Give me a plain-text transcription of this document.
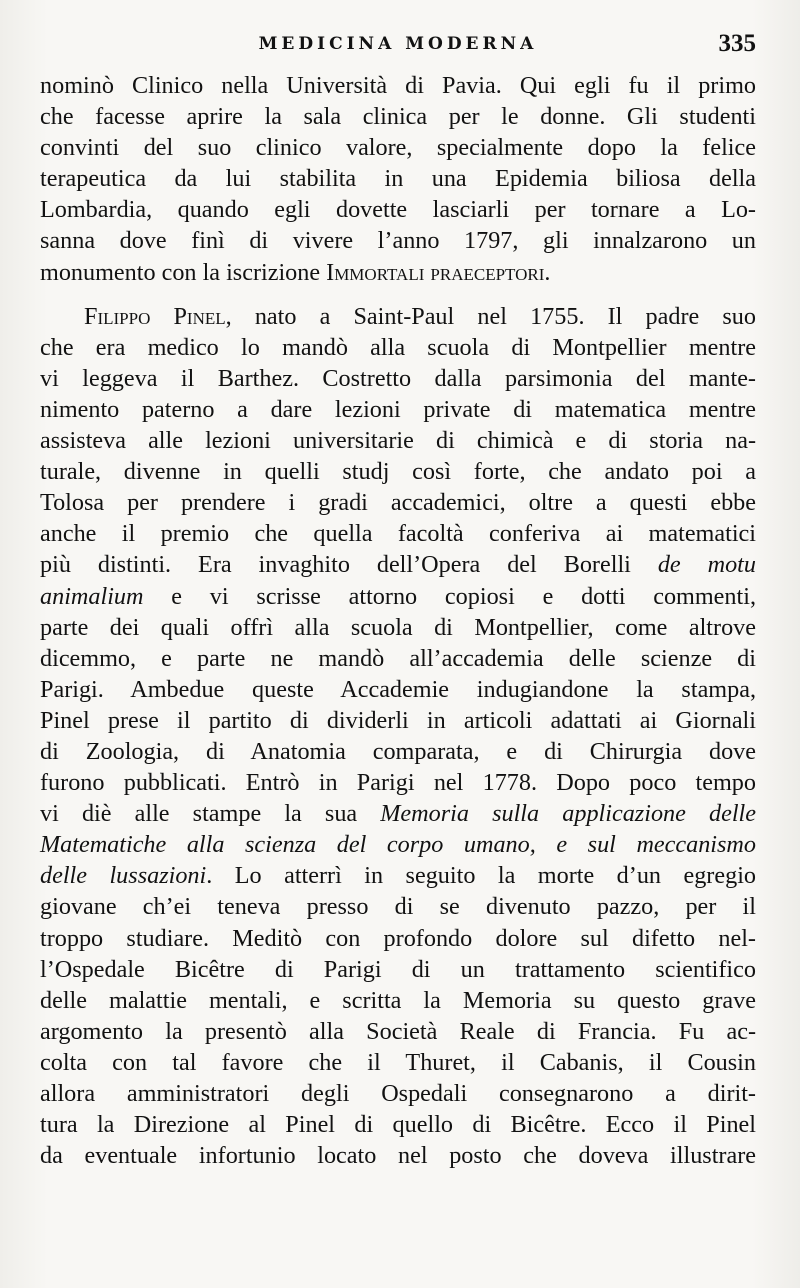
MEDICINA MODERNA	335
nominò Clinico nella Università di Pavia. Qui egli fu il primo
che facesse aprire la sala clinica per le donne. Gli studenti
convinti del suo clinico valore, specialmente dopo la felice
terapeutica da lui stabilita in una Epidemia biliosa della
Lombardia, quando egli dovette lasciarli per tornare a Lo-
sanna dove finì di vivere l’anno 1797, gli innalzarono un
monumento con la iscrizione Immortali praeceptori.
Filippo Pinel, nato a Saint-Paul nel 1755. Il padre suo
che era medico lo mandò alla scuola di Montpellier mentre
vi leggeva il Barthez. Costretto dalla parsimonia del mante-
nimento paterno a dare lezioni private di matematica mentre
assisteva alle lezioni universitarie di chimicà e di storia na-
turale, divenne in quelli studj così forte, che andato poi a
Tolosa per prendere i gradi accademici, oltre a questi ebbe
anche il premio che quella facoltà conferiva ai matematici
più distinti. Era invaghito dell’Opera del Borelli de motu
animalium e vi scrisse attorno copiosi e dotti commenti,
parte dei quali offrì alla scuola di Montpellier, come altrove
dicemmo, e parte ne mandò all’accademia delle scienze di
Parigi. Ambedue queste Accademie indugiandone la stampa,
Pinel prese il partito di dividerli in articoli adattati ai Giornali
di Zoologia, di Anatomia comparata, e di Chirurgia dove
furono pubblicati. Entrò in Parigi nel 1778. Dopo poco tempo
vi diè alle stampe la sua Memoria sulla applicazione delle
Matematiche alla scienza del corpo umano, e sul meccanismo
delle lussazioni. Lo atterrì in seguito la morte d’un egregio
giovane ch’ei teneva presso di se divenuto pazzo, per il
troppo studiare. Meditò con profondo dolore sul difetto nel-
l’Ospedale Bicêtre di Parigi di un trattamento scientifico
delle malattie mentali, e scritta la Memoria su questo grave
argomento la presentò alla Società Reale di Francia. Fu ac-
colta con tal favore che il Thuret, il Cabanis, il Cousin
allora amministratori degli Ospedali consegnarono a dirit-
tura la Direzione al Pinel di quello di Bicêtre. Ecco il Pinel
da eventuale infortunio locato nel posto che doveva illustrare
